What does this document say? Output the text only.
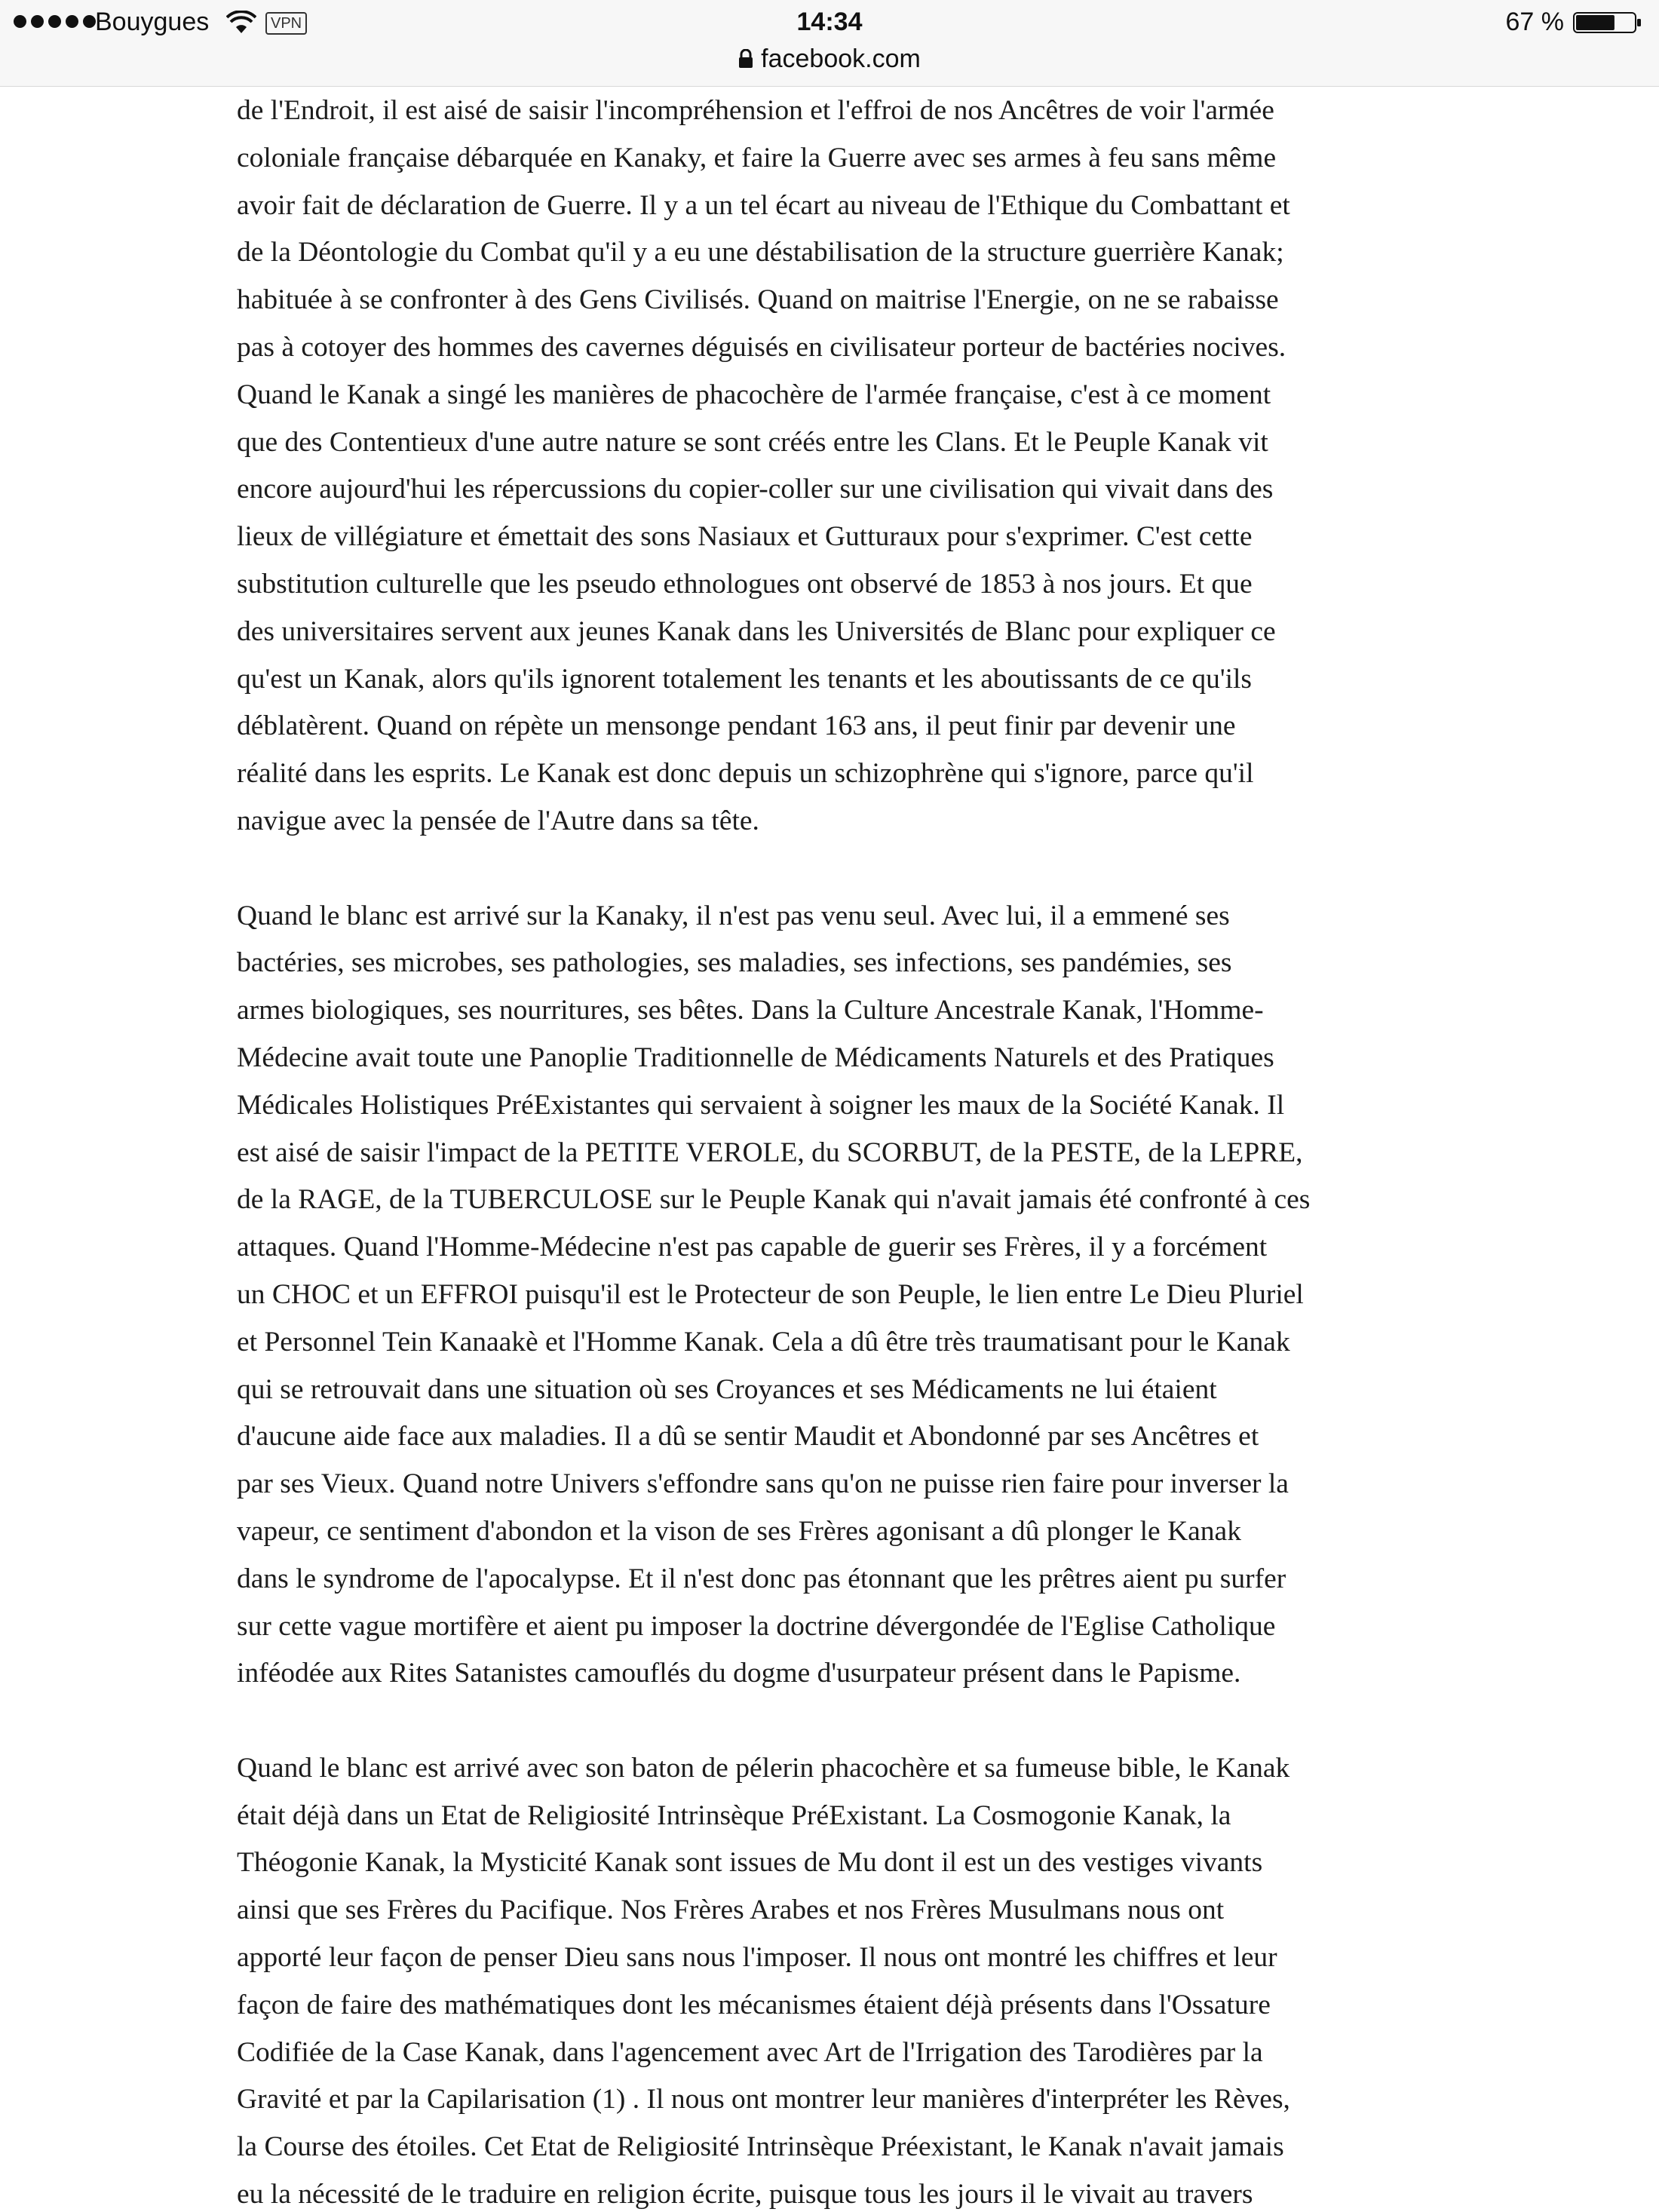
Bouygues	VPN	14:34	67 %
facebook.com

de l'Endroit, il est aisé de saisir l'incompréhension et l'effroi de nos Ancêtres de voir l'armée
coloniale française débarquée en Kanaky, et faire la Guerre avec ses armes à feu sans même
avoir fait de déclaration de Guerre. Il y a un tel écart au niveau de l'Ethique du Combattant et
de la Déontologie du Combat qu'il y a eu une déstabilisation de la structure guerrière Kanak;
habituée à se confronter à des Gens Civilisés. Quand on maitrise l'Energie, on ne se rabaisse
pas à cotoyer des hommes des cavernes déguisés en civilisateur porteur de bactéries nocives.
Quand le Kanak a singé les manières de phacochère de l'armée française, c'est à ce moment
que des Contentieux d'une autre nature se sont créés entre les Clans. Et le Peuple Kanak vit
encore aujourd'hui les répercussions du copier-coller sur une civilisation qui vivait dans des
lieux de villégiature et émettait des sons Nasiaux et Gutturaux pour s'exprimer. C'est cette
substitution culturelle que les pseudo ethnologues ont observé de 1853 à nos jours. Et que
des universitaires servent aux jeunes Kanak dans les Universités de Blanc pour expliquer ce
qu'est un Kanak, alors qu'ils ignorent totalement les tenants et les aboutissants de ce qu'ils
déblatèrent. Quand on répète un mensonge pendant 163 ans, il peut finir par devenir une
réalité dans les esprits. Le Kanak est donc depuis un schizophrène qui s'ignore, parce qu'il
navigue avec la pensée de l'Autre dans sa tête.

Quand le blanc est arrivé sur la Kanaky, il n'est pas venu seul. Avec lui, il a emmené ses
bactéries, ses microbes, ses pathologies, ses maladies, ses infections, ses pandémies, ses
armes biologiques, ses nourritures, ses bêtes. Dans la Culture Ancestrale Kanak, l'Homme-
Médecine avait toute une Panoplie Traditionnelle de Médicaments Naturels et des Pratiques
Médicales Holistiques PréExistantes qui servaient à soigner les maux de la Société Kanak. Il
est aisé de saisir l'impact de la PETITE VEROLE, du SCORBUT, de la PESTE, de la LEPRE,
de la RAGE, de la TUBERCULOSE sur le Peuple Kanak qui n'avait jamais été confronté à ces
attaques. Quand l'Homme-Médecine n'est pas capable de guerir ses Frères, il y a forcément
un CHOC et un EFFROI puisqu'il est le Protecteur de son Peuple, le lien entre Le Dieu Pluriel
et Personnel Tein Kanaakè et l'Homme Kanak. Cela a dû être très traumatisant pour le Kanak
qui se retrouvait dans une situation où ses Croyances et ses Médicaments ne lui étaient
d'aucune aide face aux maladies. Il a dû se sentir Maudit et Abondonné par ses Ancêtres et
par ses Vieux. Quand notre Univers s'effondre sans qu'on ne puisse rien faire pour inverser la
vapeur, ce sentiment d'abondon et la vison de ses Frères agonisant a dû plonger le Kanak
dans le syndrome de l'apocalypse. Et il n'est donc pas étonnant que les prêtres aient pu surfer
sur cette vague mortifère et aient pu imposer la doctrine dévergondée de l'Eglise Catholique
inféodée aux Rites Satanistes camouflés du dogme d'usurpateur présent dans le Papisme.

Quand le blanc est arrivé avec son baton de pélerin phacochère et sa fumeuse bible, le Kanak
était déjà dans un Etat de Religiosité Intrinsèque PréExistant. La Cosmogonie Kanak, la
Théogonie Kanak, la Mysticité Kanak sont issues de Mu dont il est un des vestiges vivants
ainsi que ses Frères du Pacifique. Nos Frères Arabes et nos Frères Musulmans nous ont
apporté leur façon de penser Dieu sans nous l'imposer. Il nous ont montré les chiffres et leur
façon de faire des mathématiques dont les mécanismes étaient déjà présents dans l'Ossature
Codifiée de la Case Kanak, dans l'agencement avec Art de l'Irrigation des Tarodières par la
Gravité et par la Capilarisation (1) . Il nous ont montrer leur manières d'interpréter les Rèves,
la Course des étoiles. Cet Etat de Religiosité Intrinsèque Préexistant, le Kanak n'avait jamais
eu la nécessité de le traduire en religion écrite, puisque tous les jours il le vivait au travers
